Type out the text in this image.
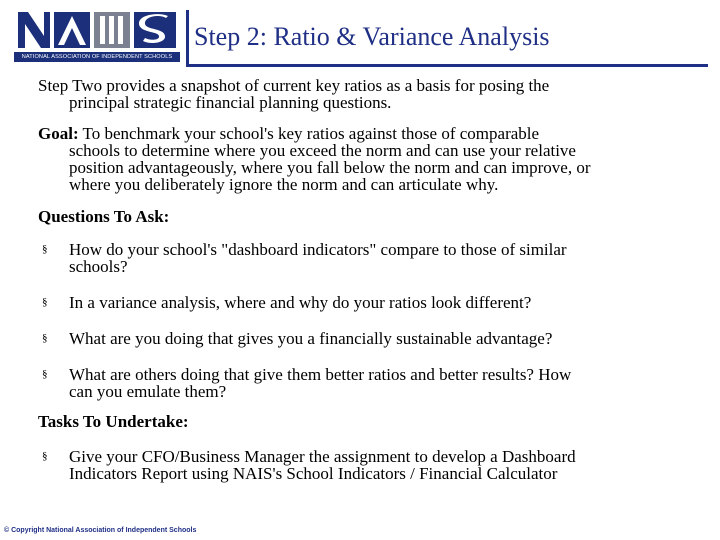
NATIONAL ASSOCIATION OF INDEPENDENT SCHOOLS
Step 2: Ratio & Variance Analysis

Step Two provides a snapshot of current key ratios as a basis for posing the
principal strategic financial planning questions.

Goal: To benchmark your school's key ratios against those of comparable
schools to determine where you exceed the norm and can use your relative
position advantageously, where you fall below the norm and can improve, or
where you deliberately ignore the norm and can articulate why.

Questions To Ask:

§ How do your school's "dashboard indicators" compare to those of similar
schools?
§ In a variance analysis, where and why do your ratios look different?
§ What are you doing that gives you a financially sustainable advantage?
§ What are others doing that give them better ratios and better results? How
can you emulate them?

Tasks To Undertake:

§ Give your CFO/Business Manager the assignment to develop a Dashboard
Indicators Report using NAIS's School Indicators / Financial Calculator
© Copyright National Association of Independent Schools
